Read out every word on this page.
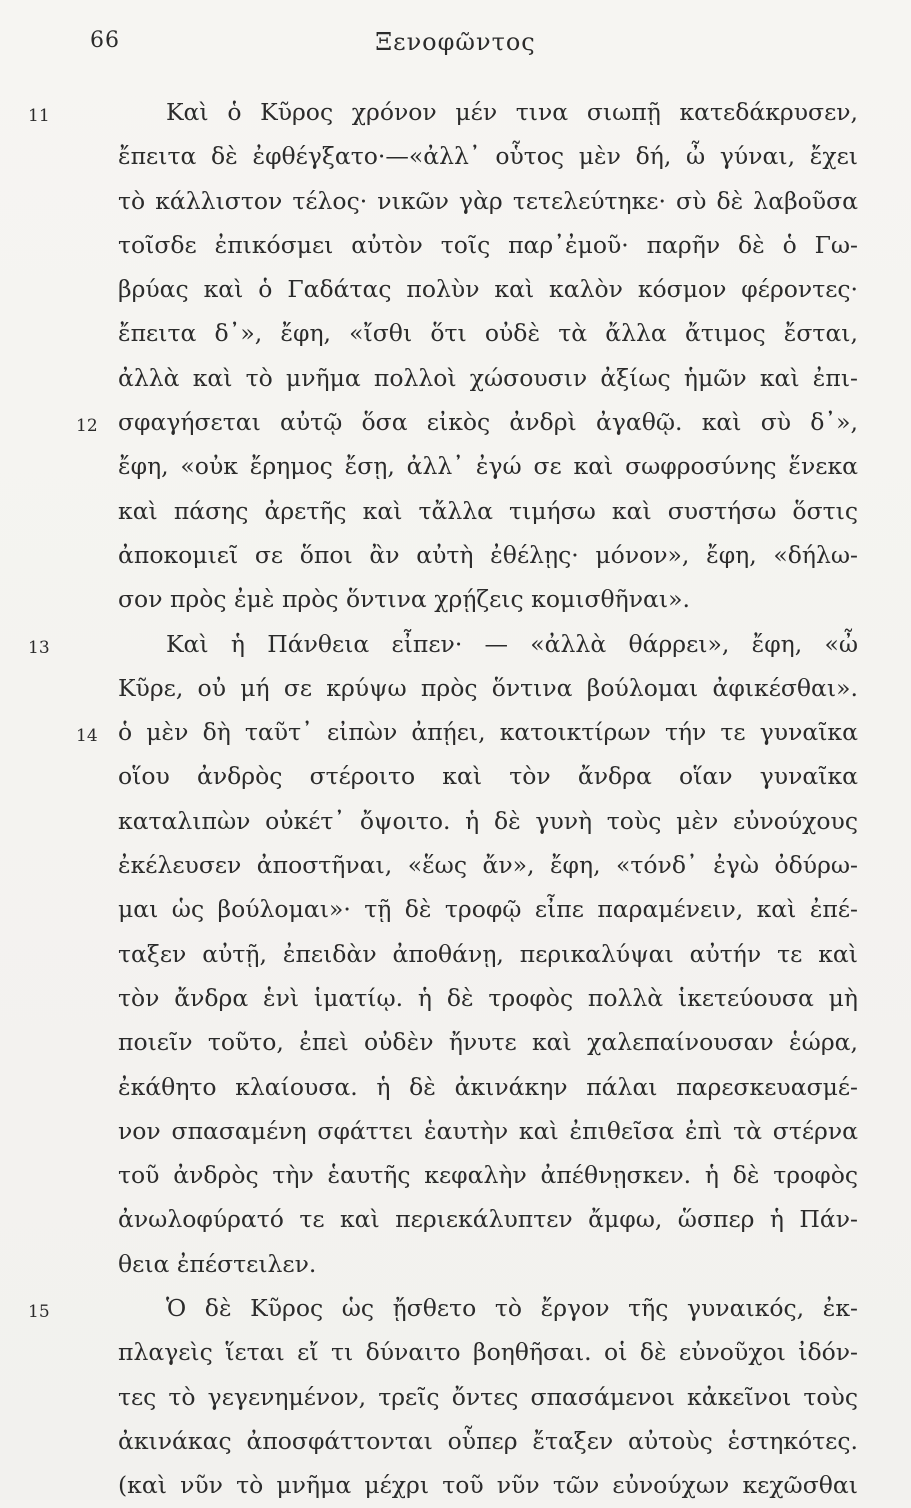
66	Ξενοφῶντος
11	Καὶ ὁ Κῦρος χρόνον μέν τινα σιωπῇ κατεδάκρυσεν,
ἔπειτα δὲ ἐφθέγξατο·—«ἀλλ᾽ οὗτος μὲν δή, ὦ γύναι, ἔχει
τὸ κάλλιστον τέλος· νικῶν γὰρ τετελεύτηκε· σὺ δὲ λαβοῦσα
τοῖσδε ἐπικόσμει αὐτὸν τοῖς παρ᾽ἐμοῦ· παρῆν δὲ ὁ Γω-
βρύας καὶ ὁ Γαδάτας πολὺν καὶ καλὸν κόσμον φέροντες·
ἔπειτα δ᾽», ἔφη, «ἴσθι ὅτι οὐδὲ τὰ ἄλλα ἄτιμος ἔσται,
ἀλλὰ καὶ τὸ μνῆμα πολλοὶ χώσουσιν ἀξίως ἡμῶν καὶ ἐπι-
12 σφαγήσεται αὐτῷ ὅσα εἰκὸς ἀνδρὶ ἀγαθῷ. καὶ σὺ δ᾽»,
ἔφη, «οὐκ ἔρημος ἔσῃ, ἀλλ᾽ ἐγώ σε καὶ σωφροσύνης ἕνεκα
καὶ πάσης ἀρετῆς καὶ τἄλλα τιμήσω καὶ συστήσω ὅστις
ἀποκομιεῖ σε ὅποι ἂν αὐτὴ ἐθέλῃς· μόνον», ἔφη, «δήλω-
σον πρὸς ἐμὲ πρὸς ὅντινα χρῄζεις κομισθῆναι».
13	Καὶ ἡ Πάνθεια εἶπεν· — «ἀλλὰ θάρρει», ἔφη, «ὦ
Κῦρε, οὐ μή σε κρύψω πρὸς ὅντινα βούλομαι ἀφικέσθαι».
14 ὁ μὲν δὴ ταῦτ᾽ εἰπὼν ἀπῄει, κατοικτίρων τήν τε γυναῖκα
οἵου ἀνδρὸς στέροιτο καὶ τὸν ἄνδρα οἵαν γυναῖκα
καταλιπὼν οὐκέτ᾽ ὄψοιτο. ἡ δὲ γυνὴ τοὺς μὲν εὐνούχους
ἐκέλευσεν ἀποστῆναι, «ἕως ἄν», ἔφη, «τόνδ᾽ ἐγὼ ὀδύρω-
μαι ὡς βούλομαι»· τῇ δὲ τροφῷ εἶπε παραμένειν, καὶ ἐπέ-
ταξεν αὐτῇ, ἐπειδὰν ἀποθάνῃ, περικαλύψαι αὐτήν τε καὶ
τὸν ἄνδρα ἑνὶ ἱματίῳ. ἡ δὲ τροφὸς πολλὰ ἱκετεύουσα μὴ
ποιεῖν τοῦτο, ἐπεὶ οὐδὲν ἤνυτε καὶ χαλεπαίνουσαν ἑώρα,
ἐκάθητο κλαίουσα. ἡ δὲ ἀκινάκην πάλαι παρεσκευασμέ-
νον σπασαμένη σφάττει ἑαυτὴν καὶ ἐπιθεῖσα ἐπὶ τὰ στέρνα
τοῦ ἀνδρὸς τὴν ἑαυτῆς κεφαλὴν ἀπέθνῃσκεν. ἡ δὲ τροφὸς
ἀνωλοφύρατό τε καὶ περιεκάλυπτεν ἄμφω, ὥσπερ ἡ Πάν-
θεια ἐπέστειλεν.
15	Ὁ δὲ Κῦρος ὡς ᾔσθετο τὸ ἔργον τῆς γυναικός, ἐκ-
πλαγεὶς ἵεται εἴ τι δύναιτο βοηθῆσαι. οἱ δὲ εὐνοῦχοι ἰδόν-
τες τὸ γεγενημένον, τρεῖς ὄντες σπασάμενοι κἀκεῖνοι τοὺς
ἀκινάκας ἀποσφάττονται οὗπερ ἔταξεν αὐτοὺς ἑστηκότες.
(καὶ νῦν τὸ μνῆμα μέχρι τοῦ νῦν τῶν εὐνούχων κεχῶσθαι
